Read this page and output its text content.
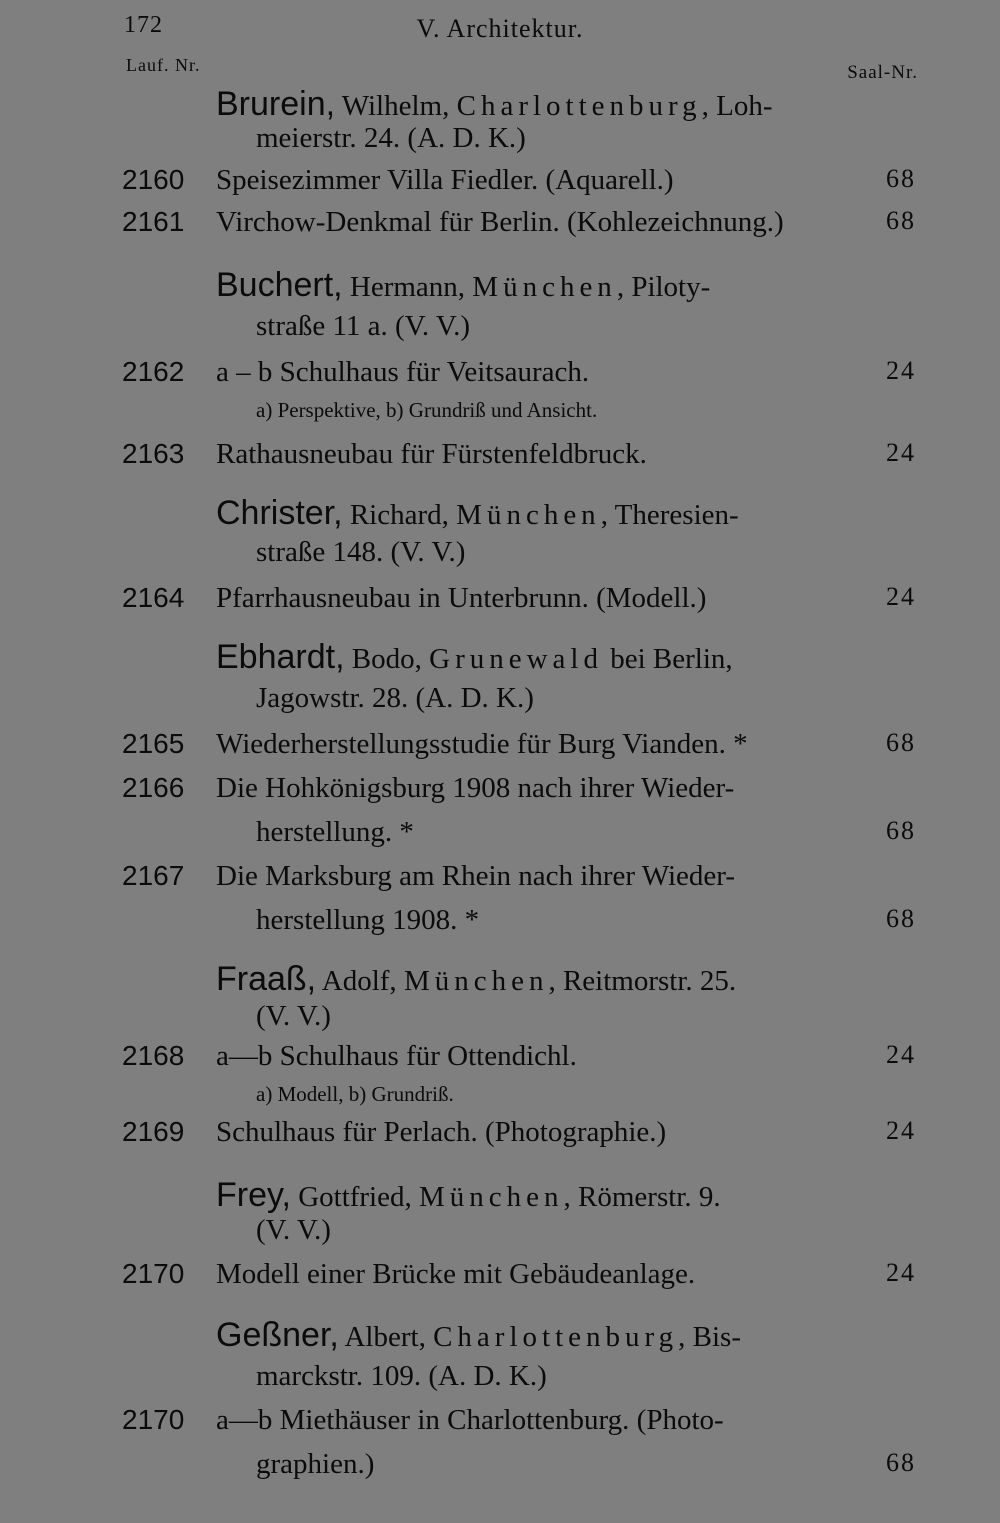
172	V. Architektur.
Lauf. Nr.	Saal-Nr.
Brurein, Wilhelm, Charlottenburg, Loh-
meierstr. 24. (A. D. K.)
2160 Speisezimmer Villa Fiedler. (Aquarell.)	68
2161 Virchow-Denkmal für Berlin. (Kohlezeichnung.)	68
Buchert, Hermann, München, Piloty-
straße 11 a. (V. V.)
2162 a – b Schulhaus für Veitsaurach.	24
a) Perspektive, b) Grundriß und Ansicht.
2163 Rathausneubau für Fürstenfeldbruck.	24
Christer, Richard, München, Theresien-
straße 148. (V. V.)
2164 Pfarrhausneubau in Unterbrunn. (Modell.)	24
Ebhardt, Bodo, Grunewald bei Berlin,
Jagowstr. 28. (A. D. K.)
2165 Wiederherstellungsstudie für Burg Vianden. *	68
2166 Die Hohkönigsburg 1908 nach ihrer Wieder-
herstellung. *	68
2167 Die Marksburg am Rhein nach ihrer Wieder-
herstellung 1908. *	68
Fraaß, Adolf, München, Reitmorstr. 25.
(V. V.)
2168 a—b Schulhaus für Ottendichl.	24
a) Modell, b) Grundriß.
2169 Schulhaus für Perlach. (Photographie.)	24
Frey, Gottfried, München, Römerstr. 9.
(V. V.)
2170 Modell einer Brücke mit Gebäudeanlage.	24
Geßner, Albert, Charlottenburg, Bis-
marckstr. 109. (A. D. K.)
2170 a—b Miethäuser in Charlottenburg. (Photo-
graphien.)	68
